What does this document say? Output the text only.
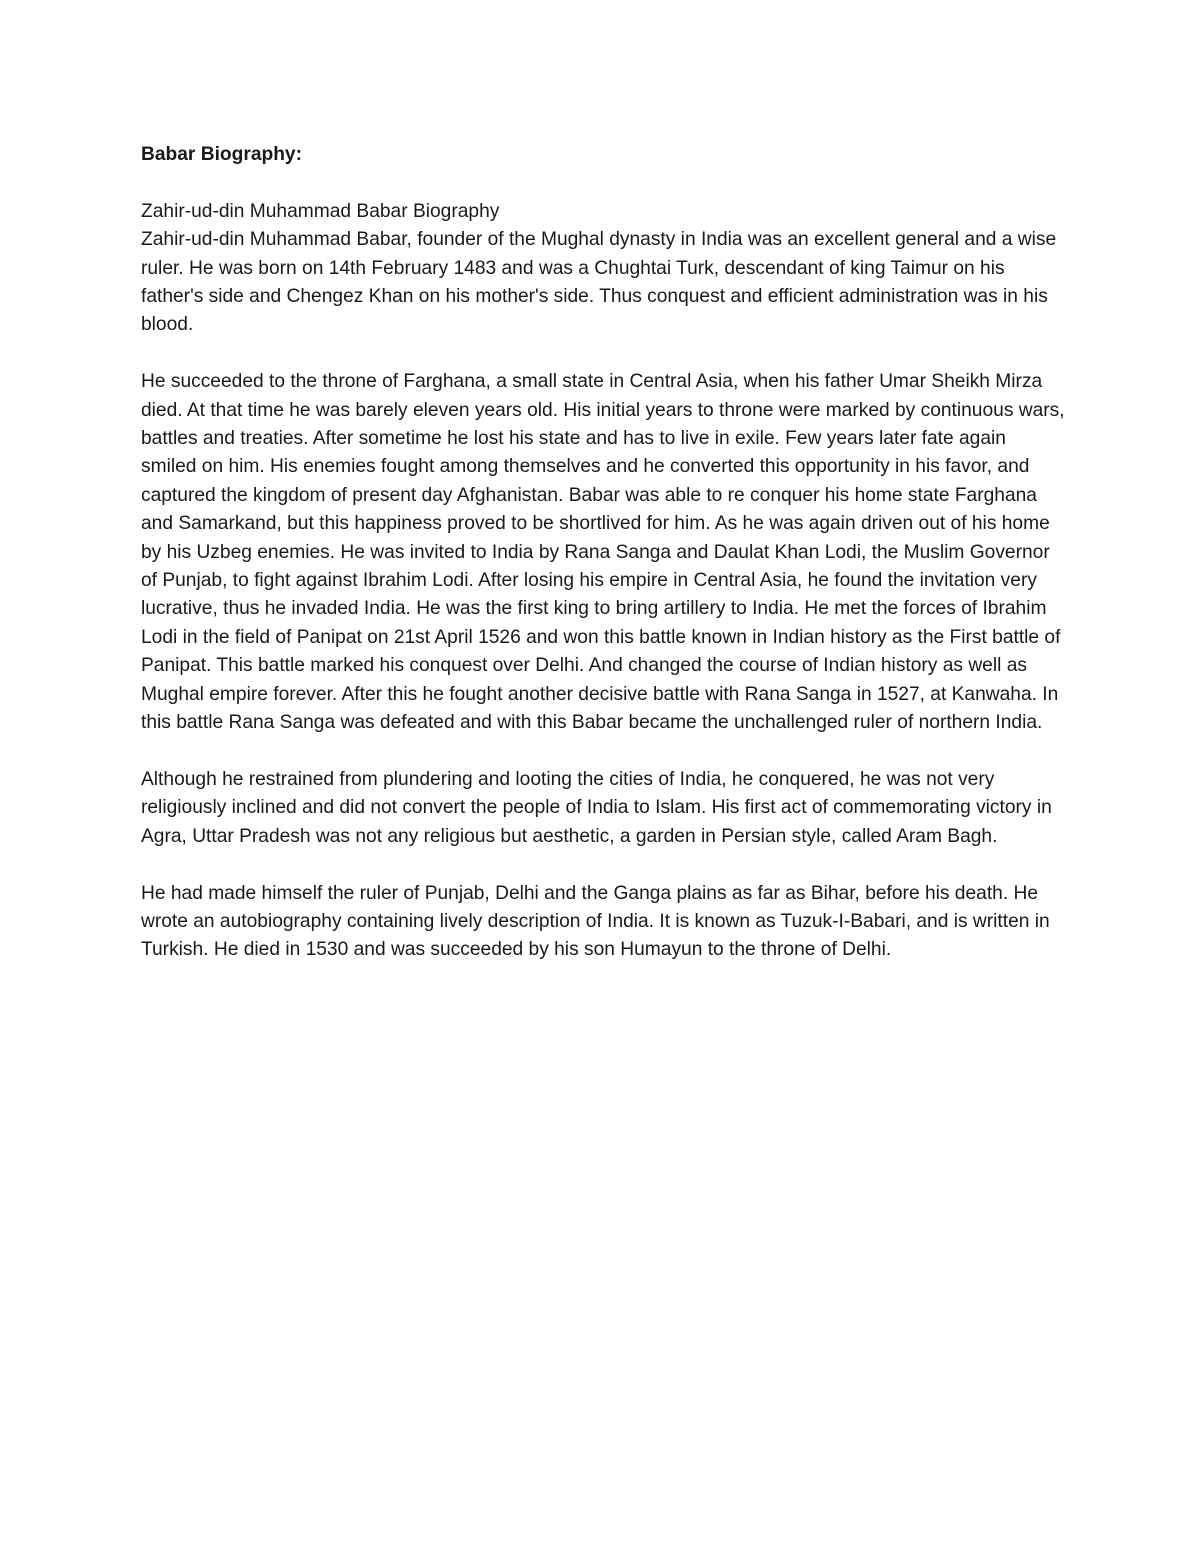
Babar Biography:

Zahir-ud-din Muhammad Babar Biography

Zahir-ud-din Muhammad Babar, founder of the Mughal dynasty in India was an excellent general and a wise ruler. He was born on 14th February 1483 and was a Chughtai Turk, descendant of king Taimur on his father's side and Chengez Khan on his mother's side. Thus conquest and efficient administration was in his blood.

He succeeded to the throne of Farghana, a small state in Central Asia, when his father Umar Sheikh Mirza died. At that time he was barely eleven years old. His initial years to throne were marked by continuous wars, battles and treaties. After sometime he lost his state and has to live in exile. Few years later fate again smiled on him. His enemies fought among themselves and he converted this opportunity in his favor, and captured the kingdom of present day Afghanistan. Babar was able to re conquer his home state Farghana and Samarkand, but this happiness proved to be shortlived for him. As he was again driven out of his home by his Uzbeg enemies. He was invited to India by Rana Sanga and Daulat Khan Lodi, the Muslim Governor of Punjab, to fight against Ibrahim Lodi. After losing his empire in Central Asia, he found the invitation very lucrative, thus he invaded India. He was the first king to bring artillery to India. He met the forces of Ibrahim Lodi in the field of Panipat on 21st April 1526 and won this battle known in Indian history as the First battle of Panipat. This battle marked his conquest over Delhi. And changed the course of Indian history as well as Mughal empire forever. After this he fought another decisive battle with Rana Sanga in 1527, at Kanwaha. In this battle Rana Sanga was defeated and with this Babar became the unchallenged ruler of northern India.

Although he restrained from plundering and looting the cities of India, he conquered, he was not very religiously inclined and did not convert the people of India to Islam. His first act of commemorating victory in Agra, Uttar Pradesh was not any religious but aesthetic, a garden in Persian style, called Aram Bagh.

He had made himself the ruler of Punjab, Delhi and the Ganga plains as far as Bihar, before his death. He wrote an autobiography containing lively description of India. It is known as Tuzuk-I-Babari, and is written in Turkish. He died in 1530 and was succeeded by his son Humayun to the throne of Delhi.
